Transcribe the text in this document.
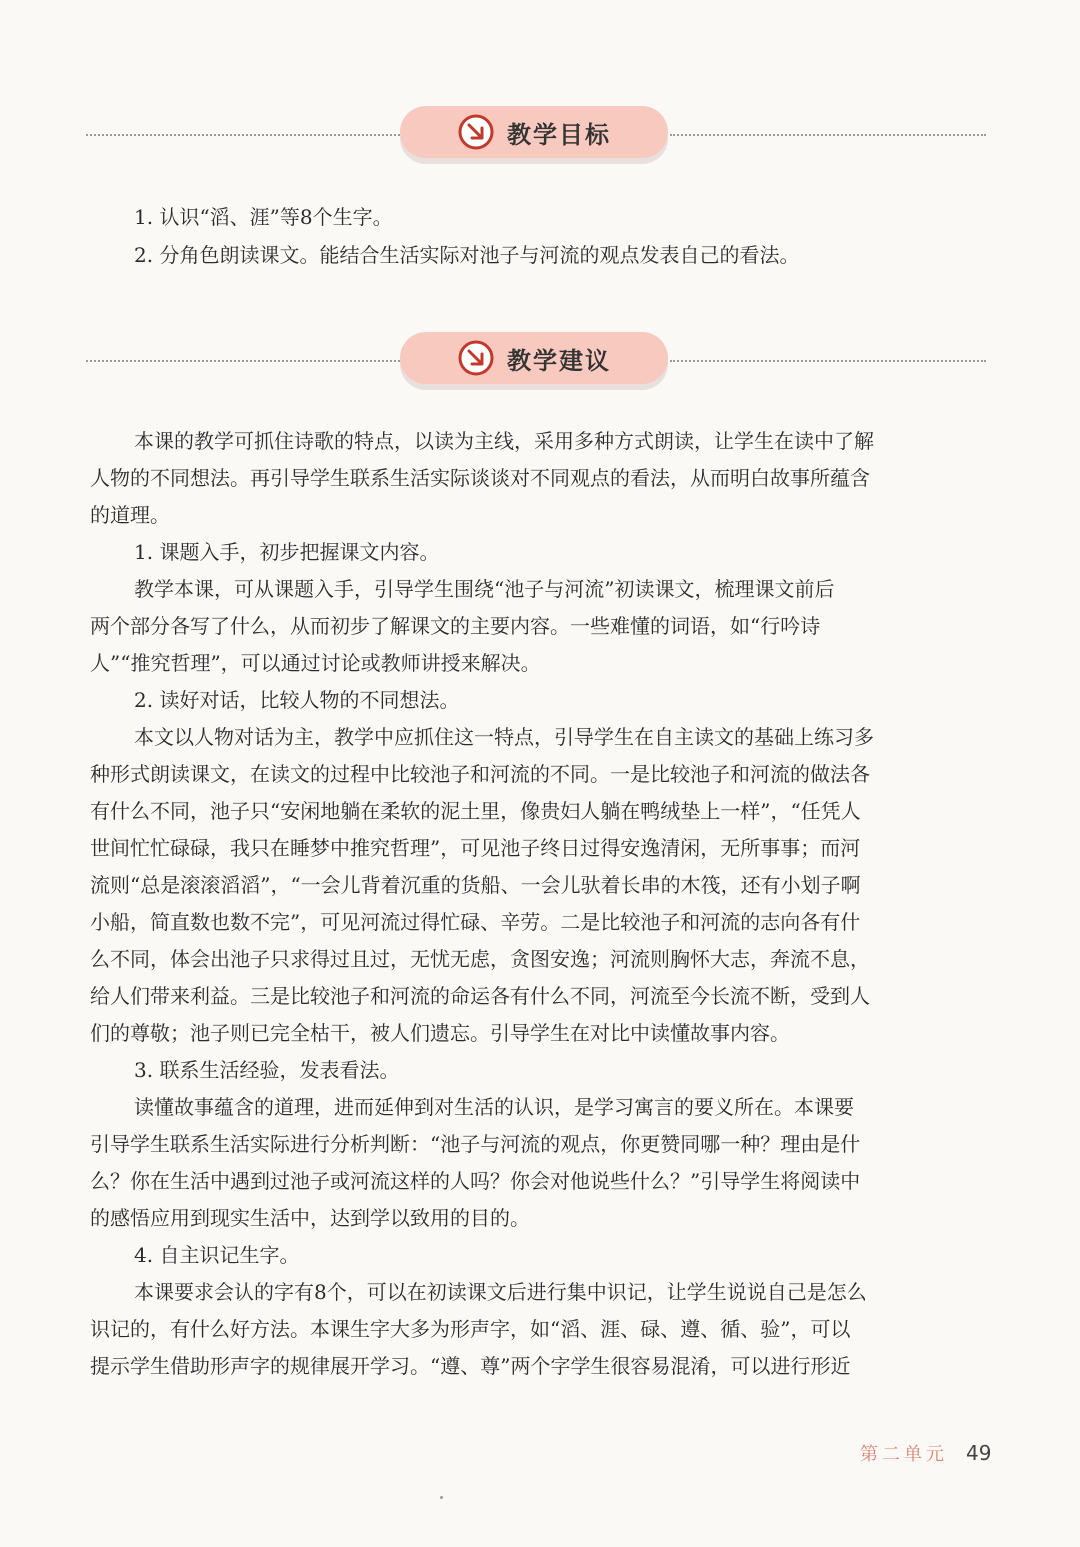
教学目标
1. 认识“滔、涯”等8个生字。
2. 分角色朗读课文。能结合生活实际对池子与河流的观点发表自己的看法。
教学建议
本课的教学可抓住诗歌的特点，以读为主线，采用多种方式朗读，让学生在读中了解
人物的不同想法。再引导学生联系生活实际谈谈对不同观点的看法，从而明白故事所蕴含
的道理。
1. 课题入手，初步把握课文内容。
教学本课，可从课题入手，引导学生围绕“池子与河流”初读课文，梳理课文前后
两个部分各写了什么，从而初步了解课文的主要内容。一些难懂的词语，如“行吟诗
人”“推究哲理”，可以通过讨论或教师讲授来解决。
2. 读好对话，比较人物的不同想法。
本文以人物对话为主，教学中应抓住这一特点，引导学生在自主读文的基础上练习多
种形式朗读课文，在读文的过程中比较池子和河流的不同。一是比较池子和河流的做法各
有什么不同，池子只“安闲地躺在柔软的泥土里，像贵妇人躺在鸭绒垫上一样”，“任凭人
世间忙忙碌碌，我只在睡梦中推究哲理”，可见池子终日过得安逸清闲，无所事事；而河
流则“总是滚滚滔滔”，“一会儿背着沉重的货船、一会儿驮着长串的木筏，还有小划子啊
小船，简直数也数不完”，可见河流过得忙碌、辛劳。二是比较池子和河流的志向各有什
么不同，体会出池子只求得过且过，无忧无虑，贪图安逸；河流则胸怀大志，奔流不息，
给人们带来利益。三是比较池子和河流的命运各有什么不同，河流至今长流不断，受到人
们的尊敬；池子则已完全枯干，被人们遗忘。引导学生在对比中读懂故事内容。
3. 联系生活经验，发表看法。
读懂故事蕴含的道理，进而延伸到对生活的认识，是学习寓言的要义所在。本课要
引导学生联系生活实际进行分析判断：“池子与河流的观点，你更赞同哪一种？理由是什
么？你在生活中遇到过池子或河流这样的人吗？你会对他说些什么？”引导学生将阅读中
的感悟应用到现实生活中，达到学以致用的目的。
4. 自主识记生字。
本课要求会认的字有8个，可以在初读课文后进行集中识记，让学生说说自己是怎么
识记的，有什么好方法。本课生字大多为形声字，如“滔、涯、碌、遵、循、验”，可以
提示学生借助形声字的规律展开学习。“遵、尊”两个字学生很容易混淆，可以进行形近
第二单元 49
